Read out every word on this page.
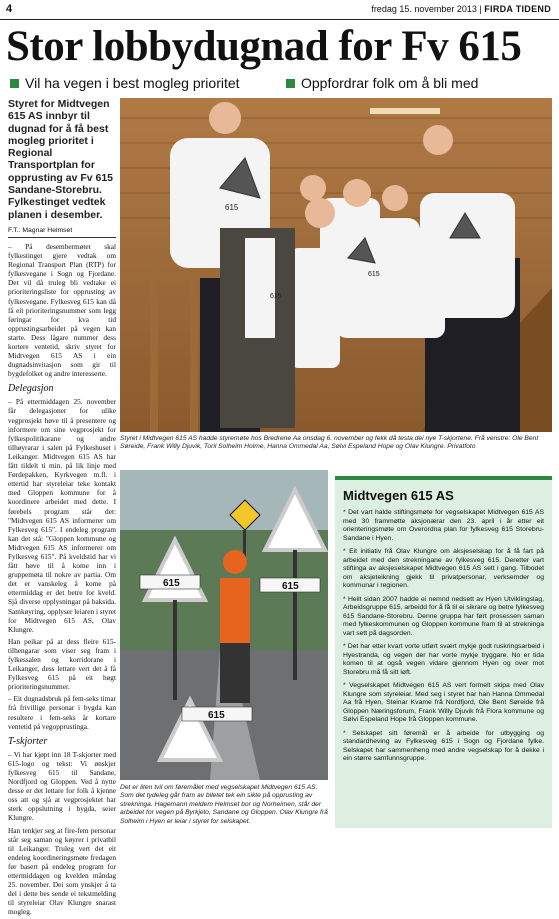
4	fredag 15. november 2013 | FIRDA TIDEND
Stor lobbydugnad for Fv 615
Vil ha vegen i best mogleg prioritet	Oppfordrar folk om å bli med
Styret for Midtvegen 615 AS innbyr til dugnad for å få best mogleg prioritet i Regional Transportplan for opprusting av Fv 615 Sandane-Storebru. Fylkestinget vedtek planen i desember.
F.T.: Magnar Helmset

– På desembermøtet skal fylkestinget gjere vedtak om Regional Transport Plan (RTP) for fylkesvegane i Sogn og Fjordane. Det vil då truleg bli vedtake ei prioriteringsliste for opprusting av fylkesvegane. Fylkesveg 615 kan då få eit prioriteringsnummer som legg føringar for kva tid opprustingsarbeidet på vegen kan starte. Dess lågare nummer dess kortere ventetid, skriv styret for Midtvegen 615 AS i ein dugnadsinvitasjon som gir til bygdefolket og andre interesserte.

Delegasjon

– På ettermiddagen 25. november får delegasjoner for ulike vegprosjekt høve til å presentere og informere om sine vegprosjekt for fylkespolitikarane og andre tilhøyrarar i salen på Fylkeshuset i Leikanger. Midtvegen 615 AS har fått tildelt ti min. på lik linje med Førdepakken, Kyrkvegen m.fl. i ettertid har styreleiar teke kontakt med Gloppen kommune for å koordinere arbeidet med dette. I førebels program står det: "Midtvegen 615 AS informerer om Fylkesveg 615". I endeleg program kan det stå: "Gloppen kommune og Midtvegen 615 AS informerer om Fylkesveg 615". På kveldstid har vi fått høve til å kome inn i gruppemøta til nokre av partia. Om det er vanskeleg å kome på ettermiddag er det betre for kveld. Sjå diverse opplysningar på baksida. Samkøyring, opplyser leiaren i styret for Midtvegen 615 AS, Olav Klungre.

Han peikar på at dess fleire 615-tilhengarar som viser seg fram i fylkessalen og korridorane i Leikanger, dess lettare vert det å få Fylkesveg 615 på eit høgt prioriteringsnummer.

– Eit dugnadsbruk på fem-seks timar frå frivillige personar i bygda kan resultere i fem-seks år kortare ventetid på vegopprustinga.

T-skjorter

– Vi har kjøpt inn 18 T-skjorter med 615-logo og tekst: Vi ønskjer fylkesveg 615 til Sandane, Nordfjord og Gloppen. Ved å nytte desse er det lettare for folk å kjenne oss att og sjå at vegprosjektet har sterk oppslutning i bygda, seier Klungre.

Han tenkjer seg at fire-fem personar står seg saman og køyrer i privatbil til Leikanger. Truleg vert det eit endeleg koordineringsmøte fredagen før basert på endeleg program for ettermiddagen og kvelden måndag 25. november. Dei som ynskjer å ta del i dette bes sende ei tekstmelding til styreleiar Olav Klungre snarast mogleg.

615
615
615
Styret i Midtvegen 615 AS hadde styremøte hos Bredrene Aa onsdag 6. november og fekk då testa dei nye T-skjortene. Frå venstre: Ole Bent Søreide, Frank Willy Djuvik, Toril Solheim Holme, Hanna Ommedal Aa, Sølvi Espeland Hope og Olav Klungre. Privatfoto
615	615
615
Det er liten tvil om føremålet med vegselskapet Midtvegen 615 AS. Som det tydeleg går fram av biletet tek ein sikte på opprusting av strekninga. Hagemann meldem Helmset bor og Norheimen, står der arbeidet for vegen på Byrkjelo, Sandane og Gloppen. Olav Klungre frå Solheim i Hyen er leiar i styret for selskapet.
Midtvegen 615 AS

* Det vart halde stiftingsmøte for vegselskapet Midtvegen 615 AS med 30 frammøtte aksjonærar den 23. april i år etter eit orienteringsmøte om Overordna plan for fylkesveg 615 Storebru-Sandane i Hyen.

* Eit initiativ frå Olav Klungre om aksjeselskap for å få fart på arbeidet med den strekningane av fylkesveg 615. Deretter vart stiftinga av aksjeselskapet Midtvegen 615 AS sett i gang. Tilbodet om aksjeteikning gjekk til privatpersonar, verksemder og kommunar i regionen.

* Heilt sidan 2007 hadde ei nemnd nedsett av Hyen Utviklingslag, Arbeidsgruppe 615, arbeidd for å få til ei sikrare og betre fylkesveg 615 Sandane-Storebru. Denne gruppa har ført prosessen saman med fylkeskommunen og Gloppen kommune fram til at strekninga vart sett på dagsorden.

* Det har etter kvart vorte utført svært mykje godt ruskringsarbeid i Hyestranda, og vegen der har vorte mykje tryggare. No er tida komen til at også vegen vidare gjennom Hyen og over mot Storebru må få sitt løft.

* Vegselskapet Midtvegen 615 AS vert formelt skipa med Olav Klungre som styreleiar. Med seg i styret har han Hanna Ommedal Aa frå Hyen, Steinar Kvame frå Nordfjord, Ole Bent Søreide frå Gloppen Næringsforum, Frank Willy Djuvik frå Flora kommune og Sølvi Espeland Hope frå Gloppen kommune.

* Selskapet sitt føremål er å arbeide for utbygging og standardheving av Fylkesveg 615 i Sogn og Fjordane fylke. Selskapet har sammenheng med andre vegselskap for å dekke i ein større samfunnsgruppe.
